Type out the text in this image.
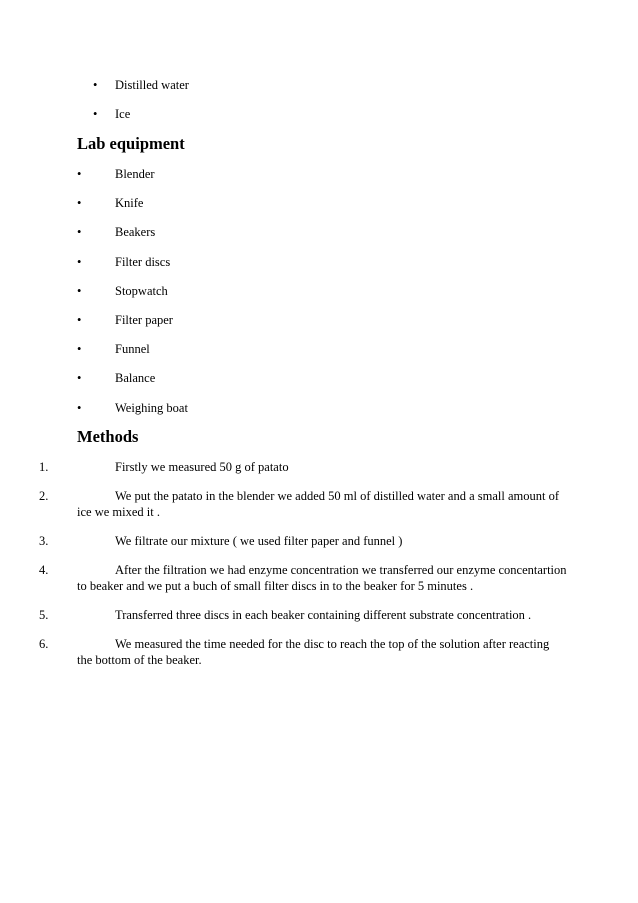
• Distilled water
• Ice
Lab equipment
•	Blender
•	Knife
•	Beakers
•	Filter discs
•	Stopwatch
•	Filter paper
•	Funnel
•	Balance
•	Weighing boat
Methods
1.	Firstly we measured 50 g of patato
2.	We put the patato in the blender we added 50 ml of distilled water and a small amount of ice we mixed it .
3.	We filtrate our mixture ( we used filter paper and funnel )
4.	After the filtration we had enzyme concentration we transferred our enzyme concentartion to beaker and we put a buch of small filter discs in to the beaker for 5 minutes .
5.	Transferred three discs in each beaker containing different substrate concentration .
6.	We measured the time needed for the disc to reach the top of the solution after reacting the bottom of the beaker.
